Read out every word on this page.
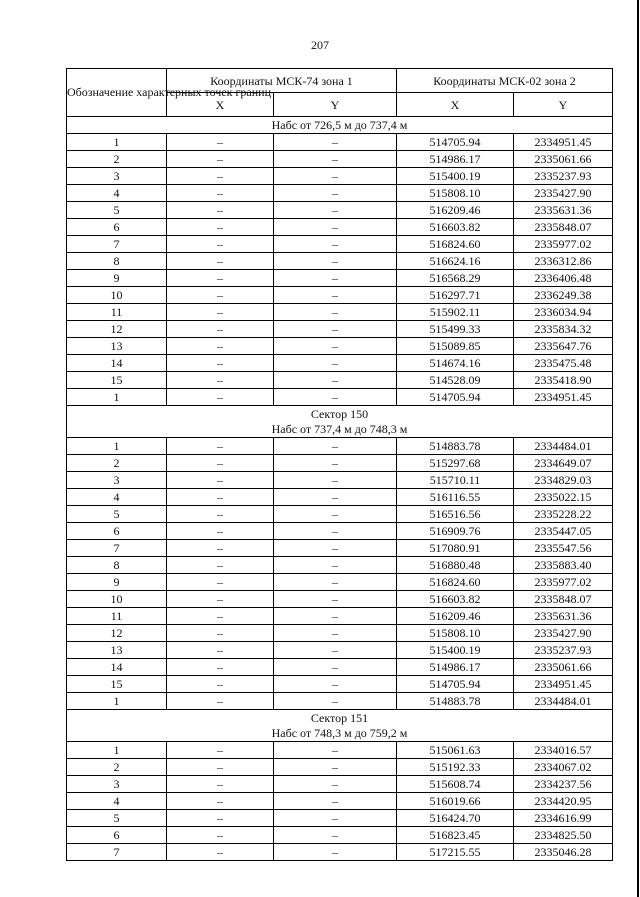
207
Обозначение характерных точек границ	Координаты МСК-74 зона 1		Координаты МСК-02 зона 2	
	X	Y	X	Y

Набс от 726,5 м до 737,4 м				

1	–	–	514705.94	2334951.45
2	–	–	514986.17	2335061.66
3	–	–	515400.19	2335237.93
4	–	–	515808.10	2335427.90
5	–	–	516209.46	2335631.36
6	–	–	516603.82	2335848.07
7	–	–	516824.60	2335977.02
8	–	–	516624.16	2336312.86
9	–	–	516568.29	2336406.48
10	–	–	516297.71	2336249.38
11	–	–	515902.11	2336034.94
12	–	–	515499.33	2335834.32
13	–	–	515089.85	2335647.76
14	–	–	514674.16	2335475.48
15	–	–	514528.09	2335418.90
1	–	–	514705.94	2334951.45

Сектор 150
Набс от 737,4 м до 748,3 м				

1	–	–	514883.78	2334484.01
2	–	–	515297.68	2334649.07
3	–	–	515710.11	2334829.03
4	–	–	516116.55	2335022.15
5	–	–	516516.56	2335228.22
6	–	–	516909.76	2335447.05
7	–	–	517080.91	2335547.56
8	–	–	516880.48	2335883.40
9	–	–	516824.60	2335977.02
10	–	–	516603.82	2335848.07
11	–	–	516209.46	2335631.36
12	–	–	515808.10	2335427.90
13	–	–	515400.19	2335237.93
14	–	–	514986.17	2335061.66
15	–	–	514705.94	2334951.45
1	–	–	514883.78	2334484.01

Сектор 151
Набс от 748,3 м до 759,2 м				

1	–	–	515061.63	2334016.57
2	–	–	515192.33	2334067.02
3	–	–	515608.74	2334237.56
4	–	–	516019.66	2334420.95
5	–	–	516424.70	2334616.99
6	–	–	516823.45	2334825.50
7	–	–	517215.55	2335046.28
